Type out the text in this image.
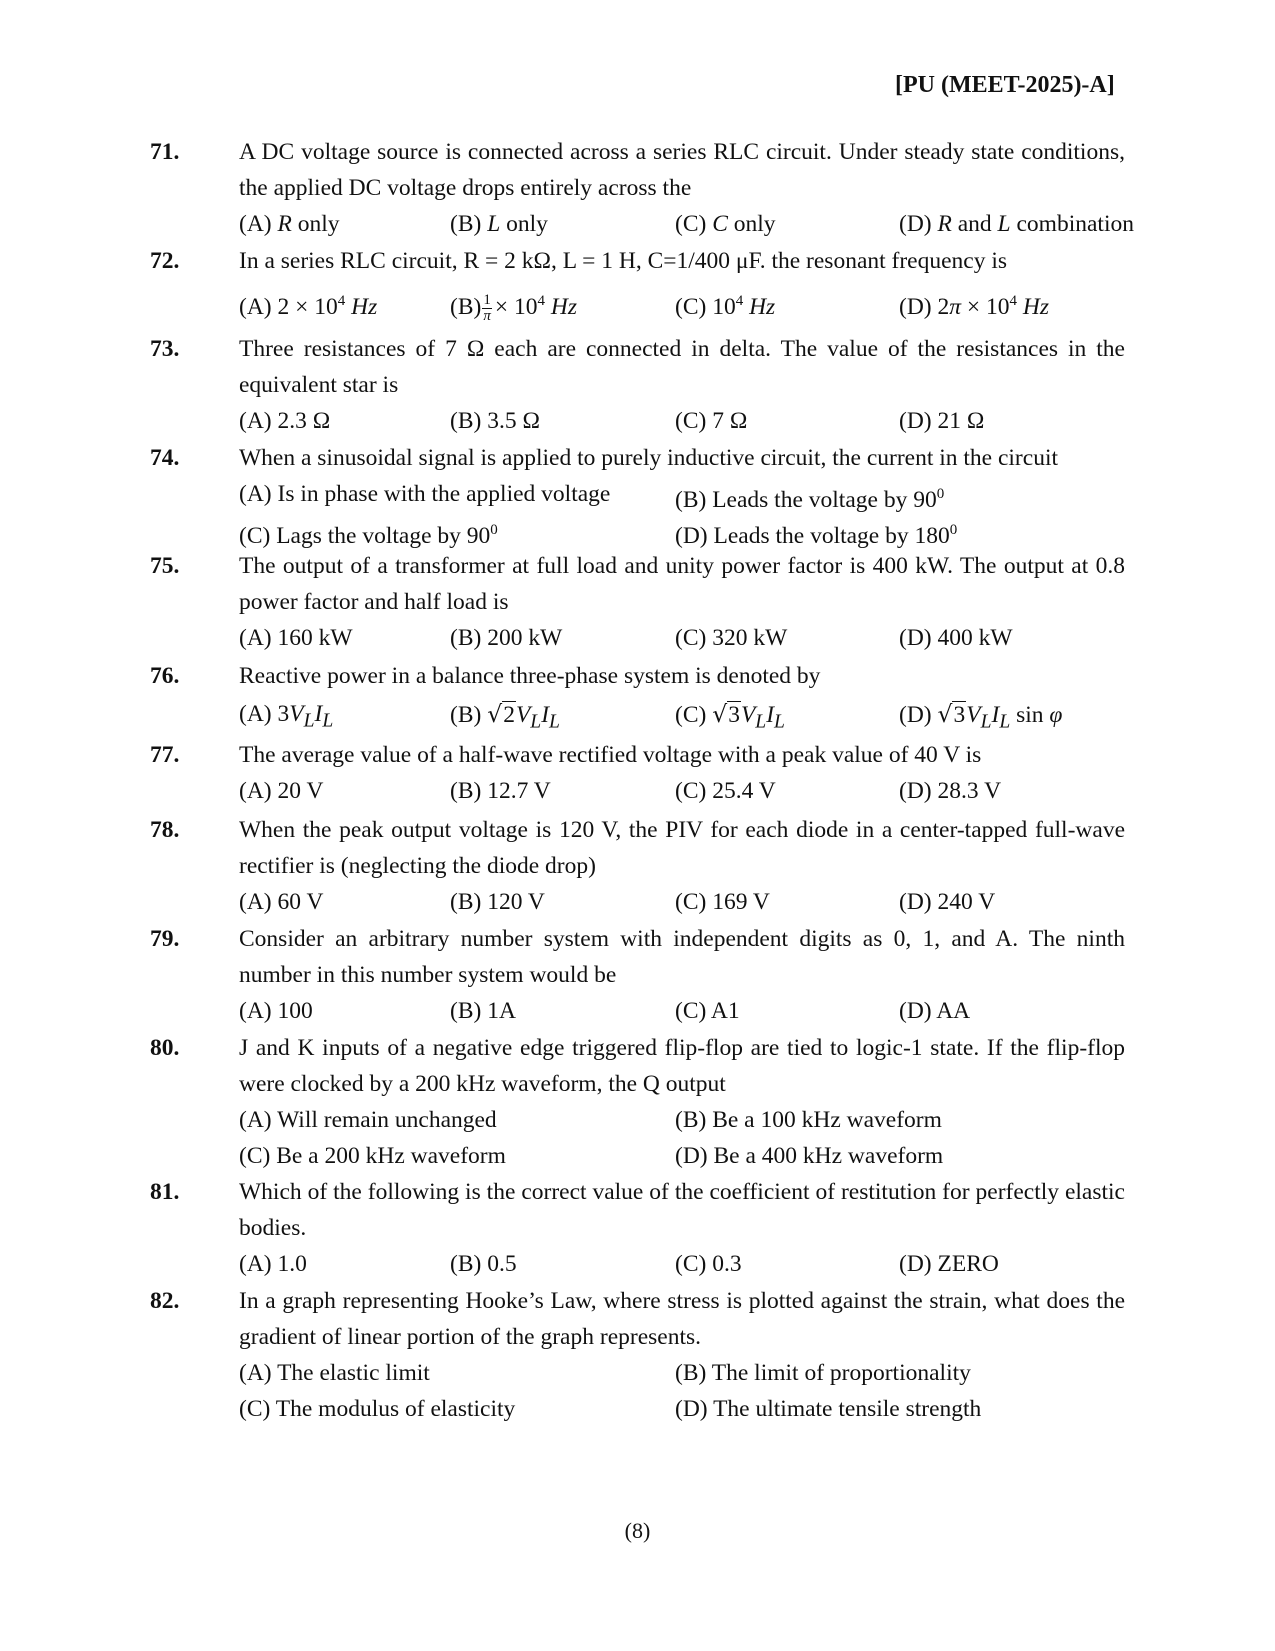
[PU (MEET-2025)-A]
71.	A DC voltage source is connected across a series RLC circuit. Under steady state conditions, the applied DC voltage drops entirely across the
(A) R only	(B) L only	(C) C only	(D) R and L combination
72.	In a series RLC circuit, R = 2 kΩ, L = 1 H, C=1/400 μF. the resonant frequency is
(A) $2 \times 10^4$ Hz	$(B) \frac{1}{\pi} \times 10^4$ Hz	(C) $10^4$ Hz	(D) $2\pi \times 10^4$ Hz
73.	Three resistances of 7 Ω each are connected in delta. The value of the resistances in the equivalent star is
(A) 2.3 Ω	(B) 3.5 Ω	(C) 7 Ω	(D) 21 Ω
74.	When a sinusoidal signal is applied to purely inductive circuit, the current in the circuit
(A) Is in phase with the applied voltage	(B) Leads the voltage by $90^0$
(C) Lags the voltage by $90^0$	(D) Leads the voltage by $180^0$
75.	The output of a transformer at full load and unity power factor is 400 kW. The output at 0.8 power factor and half load is
(A) 160 kW	(B) 200 kW	(C) 320 kW	(D) 400 kW
76.	Reactive power in a balance three-phase system is denoted by
(A) $3V_LI_L$	(B) $√2V_LI_L$	(C) $√3V_LI_L$	(D) $√3V_LI_L$ sin φ
77.	The average value of a half-wave rectified voltage with a peak value of 40 V is
(A) 20 V	(B) 12.7 V	(C) 25.4 V	(D) 28.3 V
78.	When the peak output voltage is 120 V, the PIV for each diode in a center-tapped full-wave rectifier is (neglecting the diode drop)
(A) 60 V	(B) 120 V	(C) 169 V	(D) 240 V
79.	Consider an arbitrary number system with independent digits as 0, 1, and A. The ninth number in this number system would be
(A) 100	(B) 1A	(C) A1	(D) AA
80.	J and K inputs of a negative edge triggered flip-flop are tied to logic-1 state. If the flip-flop were clocked by a 200 kHz waveform, the Q output
(A) Will remain unchanged	(B) Be a 100 kHz waveform
(C) Be a 200 kHz waveform	(D) Be a 400 kHz waveform
81.	Which of the following is the correct value of the coefficient of restitution for perfectly elastic bodies.
(A) 1.0	(B) 0.5	(C) 0.3	(D) ZERO
82.	In a graph representing Hooke’s Law, where stress is plotted against the strain, what does the gradient of linear portion of the graph represents.
(A) The elastic limit	(B) The limit of proportionality
(C) The modulus of elasticity	(D) The ultimate tensile strength
(8)
